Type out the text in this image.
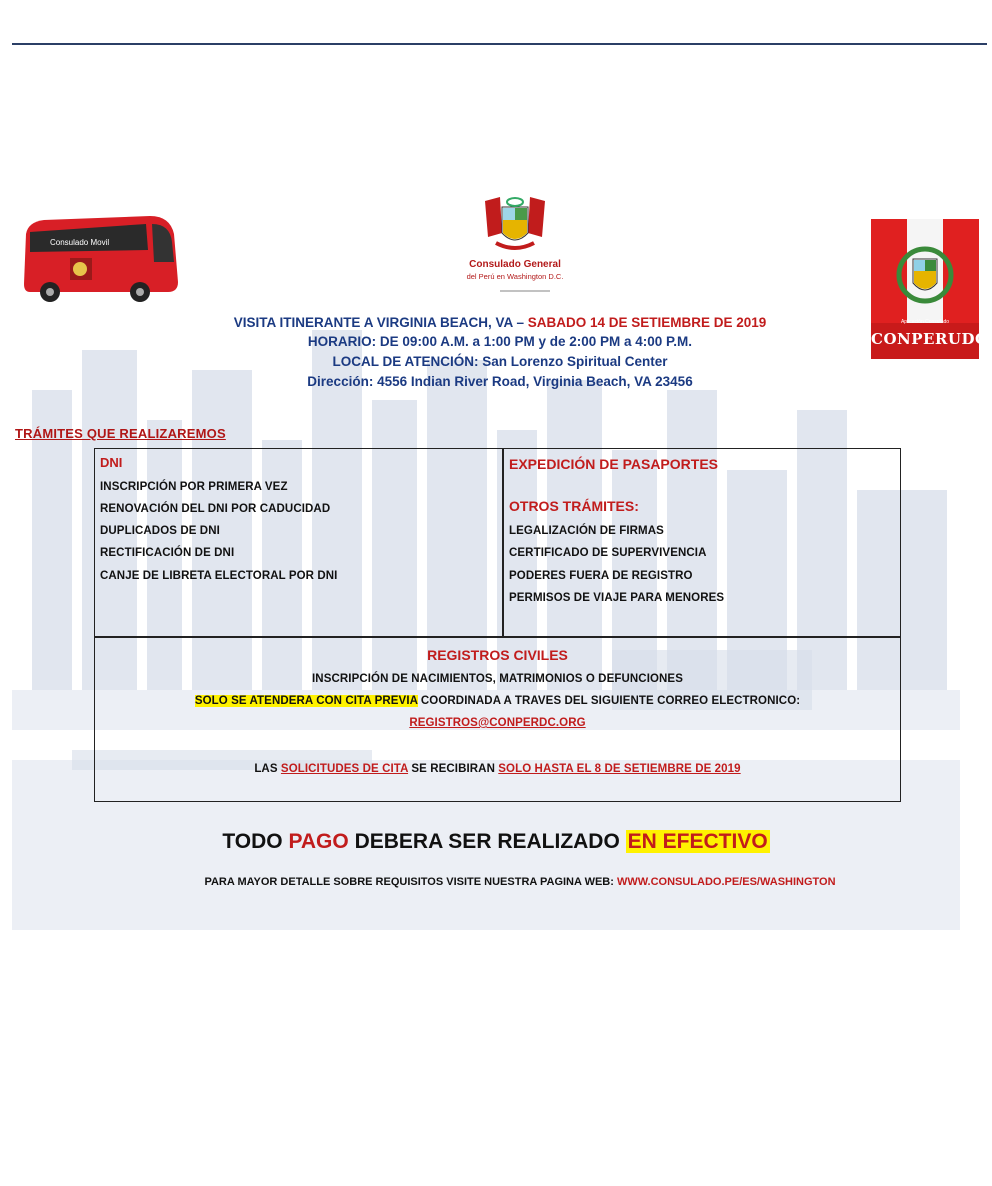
Consulado Movil
Consulado General
del Perú en Washington D.C.
Aplicación Consulado
CONPERUDC
VISITA ITINERANTE A VIRGINIA BEACH, VA – SABADO 14 DE SETIEMBRE DE 2019
HORARIO: DE 09:00 A.M. a 1:00 PM y de 2:00 PM a 4:00 P.M.
LOCAL DE ATENCIÓN: San Lorenzo Spiritual Center
Dirección: 4556 Indian River Road, Virginia Beach, VA 23456
TRÁMITES QUE REALIZAREMOS
DNI
INSCRIPCIÓN POR PRIMERA VEZ
RENOVACIÓN DEL DNI POR CADUCIDAD
DUPLICADOS DE DNI
RECTIFICACIÓN DE DNI
CANJE DE LIBRETA ELECTORAL POR DNI
EXPEDICIÓN DE PASAPORTES
OTROS TRÁMITES:
LEGALIZACIÓN DE FIRMAS
CERTIFICADO DE SUPERVIVENCIA
PODERES FUERA DE REGISTRO
PERMISOS DE VIAJE PARA MENORES
REGISTROS CIVILES
INSCRIPCIÓN DE NACIMIENTOS, MATRIMONIOS O DEFUNCIONES
SOLO SE ATENDERA CON CITA PREVIA COORDINADA A TRAVES DEL SIGUIENTE CORREO ELECTRONICO:
REGISTROS@CONPERDC.ORG
LAS SOLICITUDES DE CITA SE RECIBIRAN SOLO HASTA EL 8 DE SETIEMBRE DE 2019
TODO PAGO DEBERA SER REALIZADO EN EFECTIVO
PARA MAYOR DETALLE SOBRE REQUISITOS VISITE NUESTRA PAGINA WEB: WWW.CONSULADO.PE/ES/WASHINGTON
